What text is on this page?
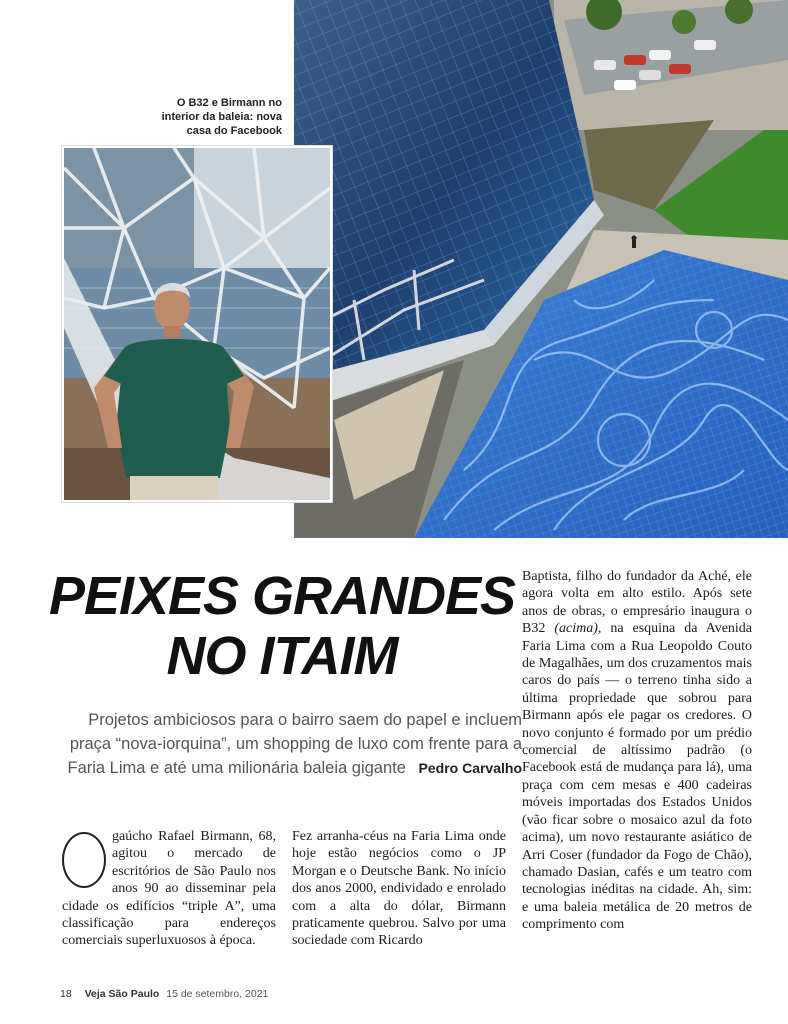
O B32 e Birmann no
interior da baleia: nova
casa do Facebook
PEIXES GRANDES
NO ITAIM
Projetos ambiciosos para o bairro saem do papel e incluem praça “nova-iorquina”, um shopping de luxo com frente para a Faria Lima e até uma milionária baleia gigante Pedro Carvalho

gaúcho Rafael Birmann, 68, agitou o mercado de escritórios de São Paulo nos anos 90 ao disseminar pela cidade os edifícios “triple A”, uma classificação para endereços comerciais superluxuosos à época.

Fez arranha-céus na Faria Lima onde hoje estão negócios como o JP Morgan e o Deutsche Bank. No início dos anos 2000, endividado e enrolado com a alta do dólar, Birmann praticamente quebrou. Salvo por uma sociedade com Ricardo

Baptista, filho do fundador da Aché, ele agora volta em alto estilo. Após sete anos de obras, o empresário inaugura o B32 (acima), na esquina da Avenida Faria Lima com a Rua Leopoldo Couto de Magalhães, um dos cruzamentos mais caros do país — o terreno tinha sido a última propriedade que sobrou para Birmann após ele pagar os credores. O novo conjunto é formado por um prédio comercial de altíssimo padrão (o Facebook está de mudança para lá), uma praça com cem mesas e 400 cadeiras móveis importadas dos Estados Unidos (vão ficar sobre o mosaico azul da foto acima), um novo restaurante asiático de Arri Coser (fundador da Fogo de Chão), chamado Dasian, cafés e um teatro com tecnologias inéditas na cidade. Ah, sim: e uma baleia metálica de 20 metros de comprimento com

18 Veja São Paulo 15 de setembro, 2021
